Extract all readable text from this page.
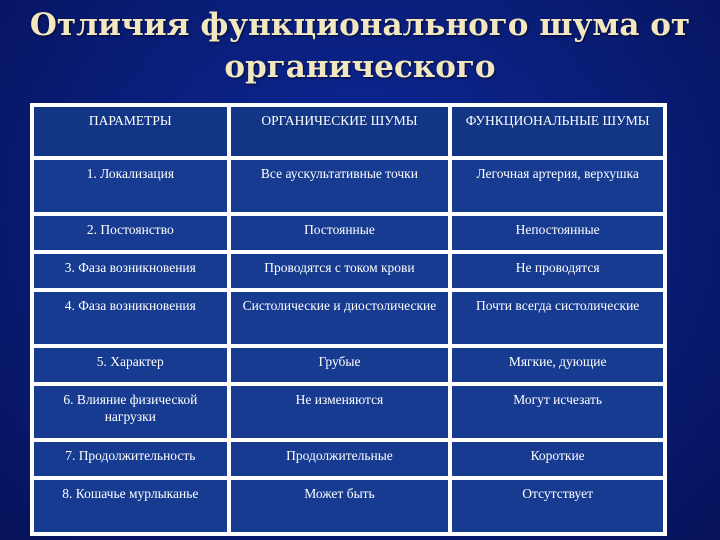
Отличия функционального шума от
органического
ПАРАМЕТРЫ	ОРГАНИЧЕСКИЕ ШУМЫ	ФУНКЦИОНАЛЬНЫЕ ШУМЫ
1. Локализация	Все аускультативные точки	Легочная артерия, верхушка
2. Постоянство	Постоянные	Непостоянные
3. Фаза возникновения	Проводятся с током крови	Не проводятся
4. Фаза возникновения	Систолические и диостолические	Почти всегда систолические
5. Характер	Грубые	Мягкие, дующие
6. Влияние физической нагрузки	Не изменяются	Могут исчезать
7. Продолжительность	Продолжительные	Короткие
8. Кошачье мурлыканье	Может быть	Отсутствует
